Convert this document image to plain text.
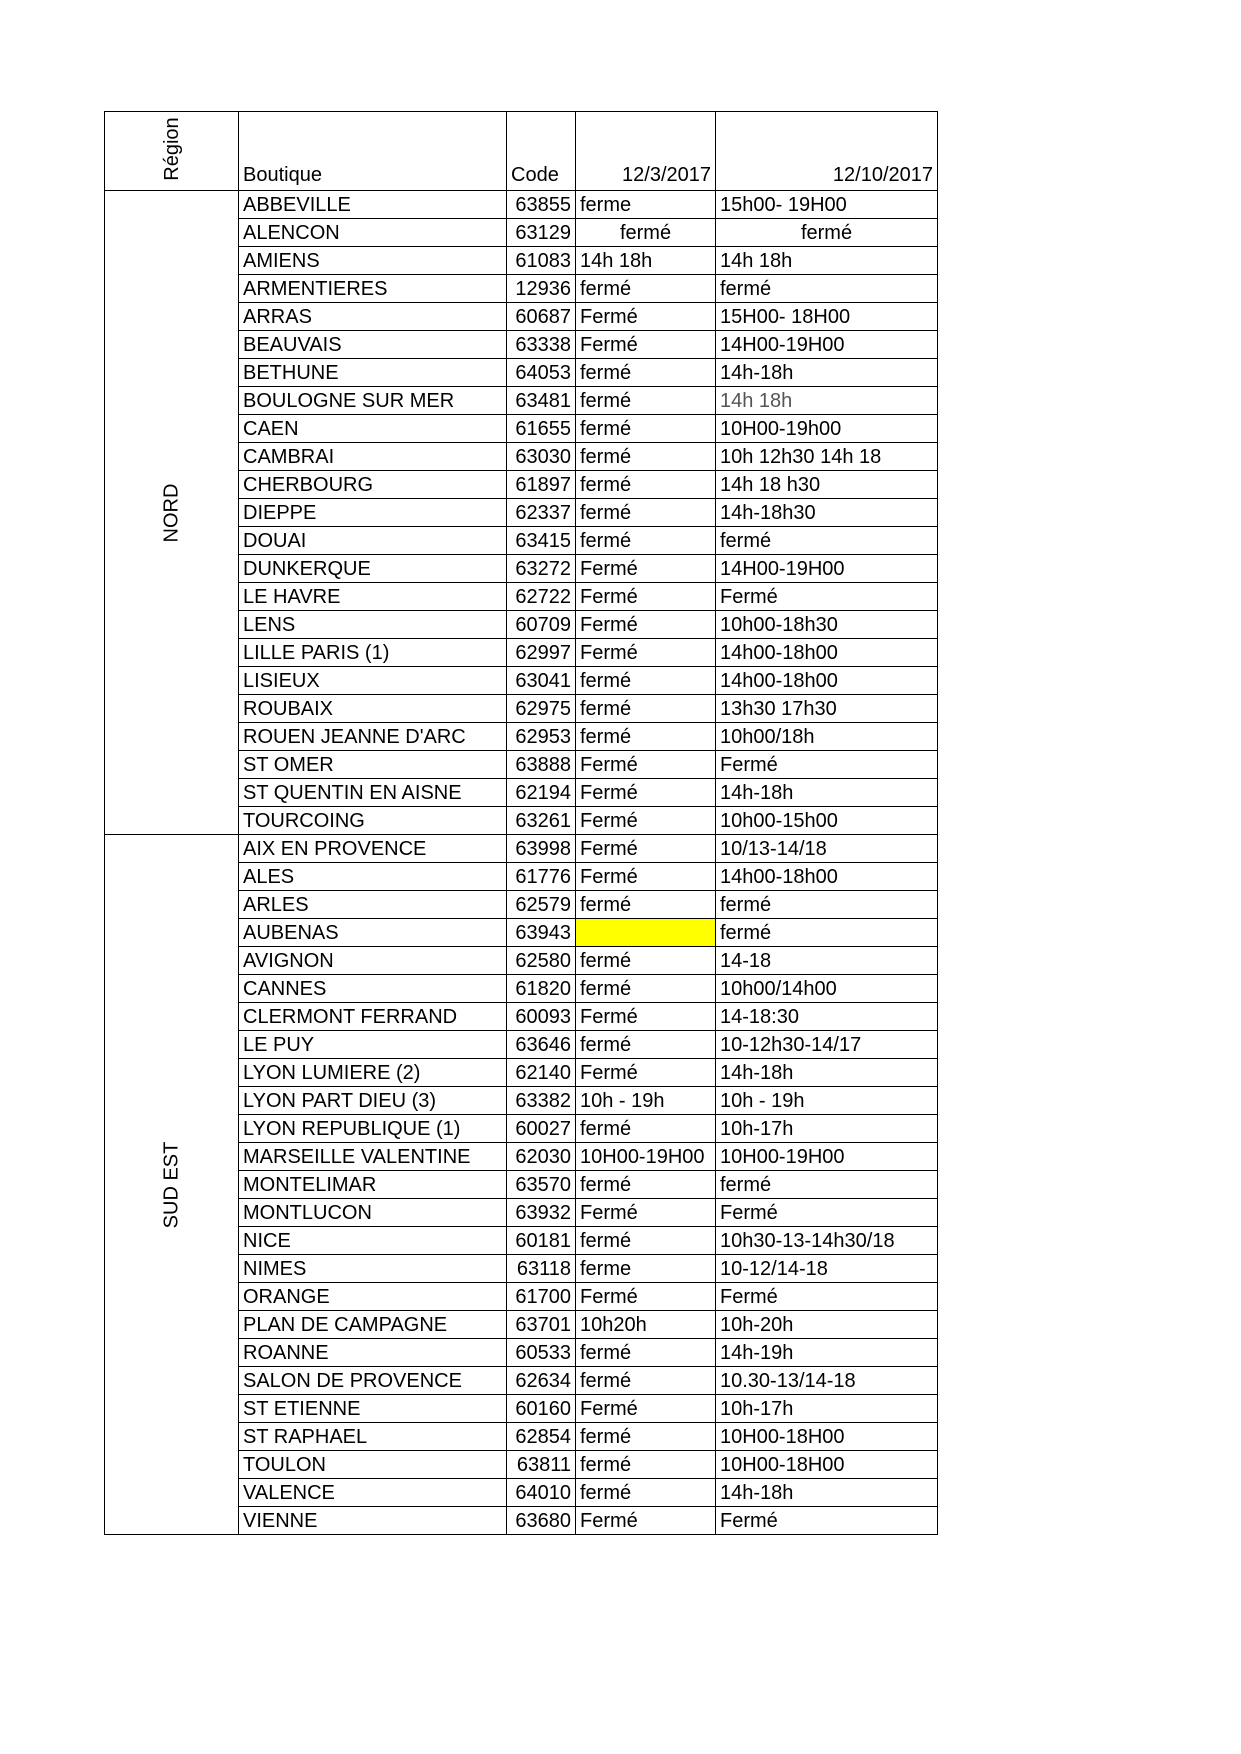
Région	Boutique	Code	12/3/2017	12/10/2017
NORD	ABBEVILLE	63855	ferme	15h00- 19H00
	ALENCON	63129	fermé	fermé
	AMIENS	61083	14h 18h	14h 18h
	ARMENTIERES	12936	fermé	fermé
	ARRAS	60687	Fermé	15H00- 18H00
	BEAUVAIS	63338	Fermé	14H00-19H00
	BETHUNE	64053	fermé	14h-18h
	BOULOGNE SUR MER	63481	fermé	14h 18h
	CAEN	61655	fermé	10H00-19h00
	CAMBRAI	63030	fermé	10h 12h30 14h 18
	CHERBOURG	61897	fermé	14h 18 h30
	DIEPPE	62337	fermé	14h-18h30
	DOUAI	63415	fermé	fermé
	DUNKERQUE	63272	Fermé	14H00-19H00
	LE HAVRE	62722	Fermé	Fermé
	LENS	60709	Fermé	10h00-18h30
	LILLE PARIS (1)	62997	Fermé	14h00-18h00
	LISIEUX	63041	fermé	14h00-18h00
	ROUBAIX	62975	fermé	13h30 17h30
	ROUEN JEANNE D'ARC	62953	fermé	10h00/18h
	ST OMER	63888	Fermé	Fermé
	ST QUENTIN EN AISNE	62194	Fermé	14h-18h
	TOURCOING	63261	Fermé	10h00-15h00
SUD EST	AIX EN PROVENCE	63998	Fermé	10/13-14/18
	ALES	61776	Fermé	14h00-18h00
	ARLES	62579	fermé	fermé
	AUBENAS	63943		fermé
	AVIGNON	62580	fermé	14-18
	CANNES	61820	fermé	10h00/14h00
	CLERMONT FERRAND	60093	Fermé	14-18:30
	LE PUY	63646	fermé	10-12h30-14/17
	LYON LUMIERE (2)	62140	Fermé	14h-18h
	LYON PART DIEU (3)	63382	10h - 19h	10h - 19h
	LYON REPUBLIQUE (1)	60027	fermé	10h-17h
	MARSEILLE VALENTINE	62030	10H00-19H00	10H00-19H00
	MONTELIMAR	63570	fermé	fermé
	MONTLUCON	63932	Fermé	Fermé
	NICE	60181	fermé	10h30-13-14h30/18
	NIMES	63118	ferme	10-12/14-18
	ORANGE	61700	Fermé	Fermé
	PLAN DE CAMPAGNE	63701	10h20h	10h-20h
	ROANNE	60533	fermé	14h-19h
	SALON DE PROVENCE	62634	fermé	10.30-13/14-18
	ST ETIENNE	60160	Fermé	10h-17h
	ST RAPHAEL	62854	fermé	10H00-18H00
	TOULON	63811	fermé	10H00-18H00
	VALENCE	64010	fermé	14h-18h
	VIENNE	63680	Fermé	Fermé
